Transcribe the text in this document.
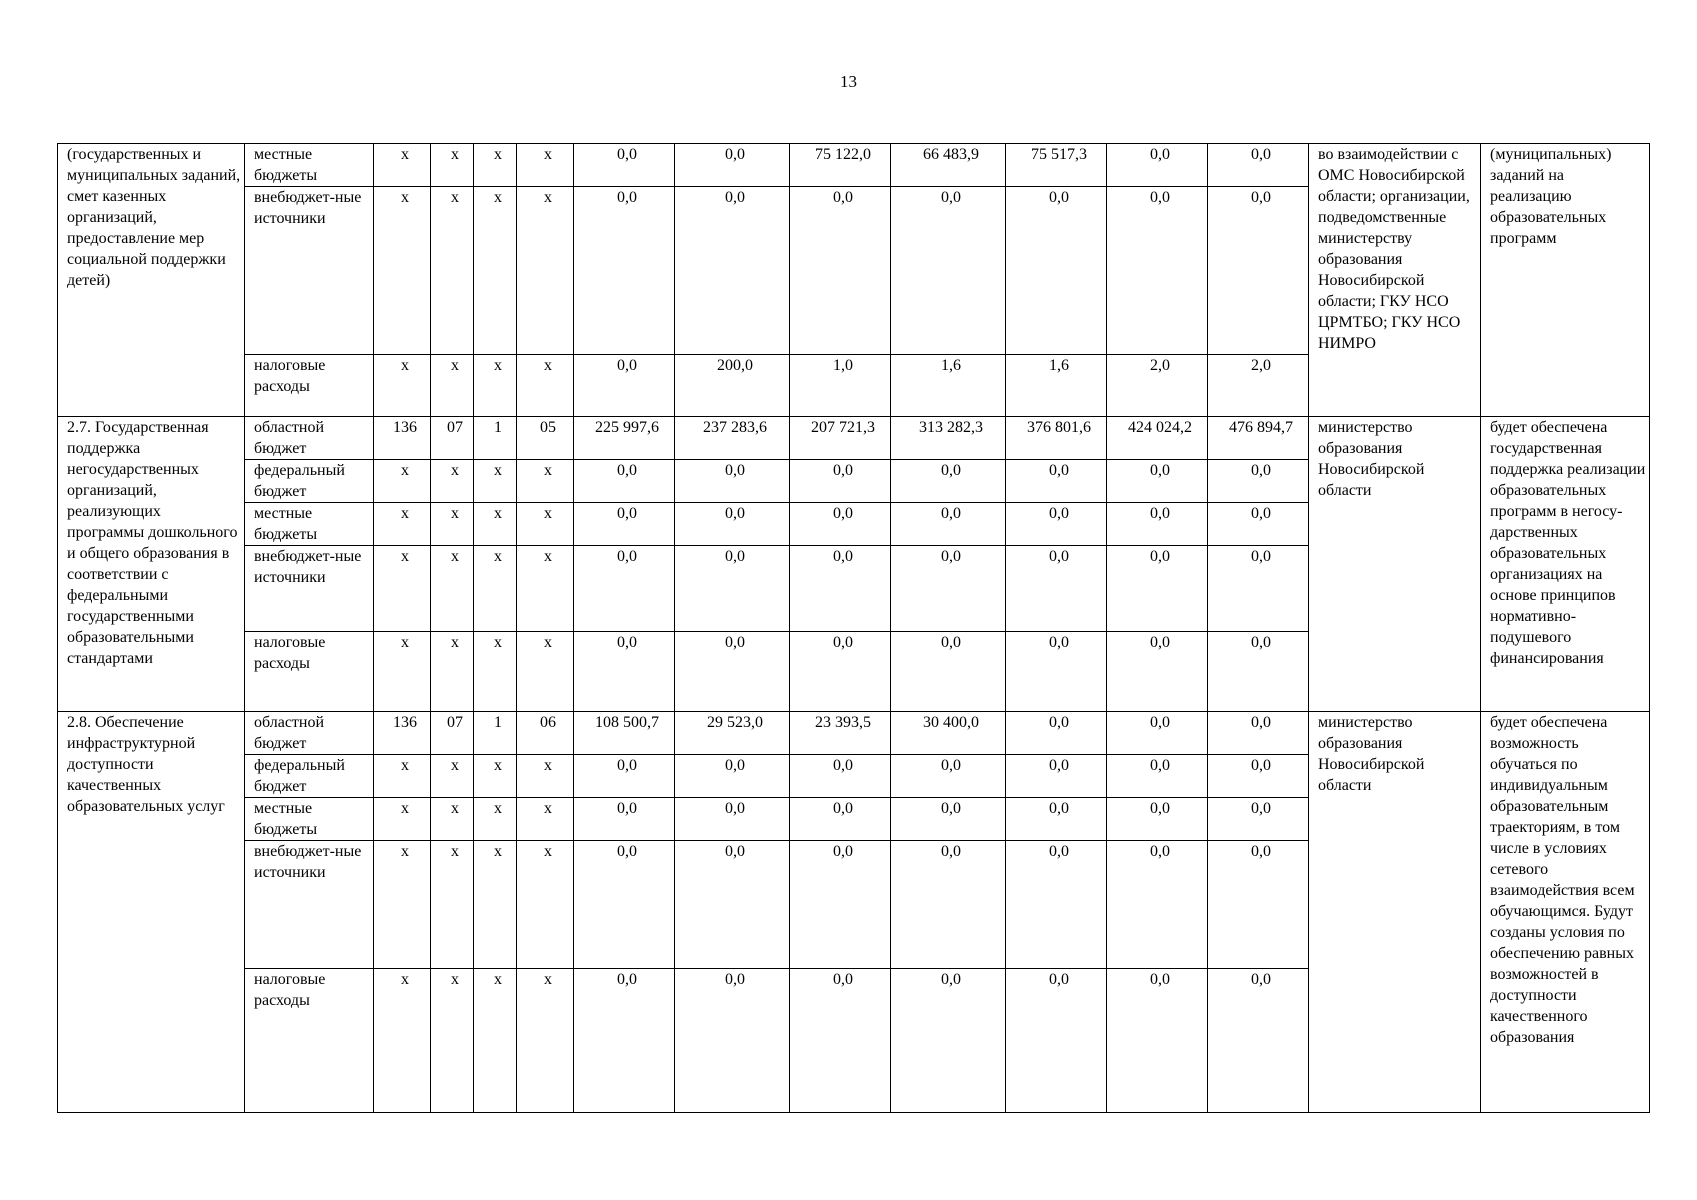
13
(государственных и муниципальных заданий, смет казенных организаций, предоставление мер социальной поддержки детей)	местные бюджеты	x	x	x	x	0,0	0,0	75 122,0	66 483,9	75 517,3	0,0	0,0	во взаимодействии с ОМС Новосибирской области; организации, подведомственные министерству образования Новосибирской области; ГКУ НСО ЦРМТБО; ГКУ НСО НИМРО	(муниципальных) заданий на реализацию образовательных программ
	внебюджет-ные источники	x	x	x	x	0,0	0,0	0,0	0,0	0,0	0,0	0,0		
	налоговые расходы	x	x	x	x	0,0	200,0	1,0	1,6	1,6	2,0	2,0		
2.7. Государственная поддержка негосударственных организаций, реализующих программы дошкольного и общего образования в соответствии с федеральными государственными образовательными стандартами	областной бюджет	136	07	1	05	225 997,6	237 283,6	207 721,3	313 282,3	376 801,6	424 024,2	476 894,7	министерство образования Новосибирской области	будет обеспечена государственная поддержка реализации образовательных программ в негосу-дарственных образовательных организациях на основе принципов нормативно-подушевого финансирования
	федеральный бюджет	x	x	x	x	0,0	0,0	0,0	0,0	0,0	0,0	0,0		
	местные бюджеты	x	x	x	x	0,0	0,0	0,0	0,0	0,0	0,0	0,0		
	внебюджет-ные источники	x	x	x	x	0,0	0,0	0,0	0,0	0,0	0,0	0,0		
	налоговые расходы	x	x	x	x	0,0	0,0	0,0	0,0	0,0	0,0	0,0		
2.8. Обеспечение инфраструктурной доступности качественных образовательных услуг	областной бюджет	136	07	1	06	108 500,7	29 523,0	23 393,5	30 400,0	0,0	0,0	0,0	министерство образования Новосибирской области	будет обеспечена возможность обучаться по индивидуальным образовательным траекториям, в том числе в условиях сетевого взаимодействия всем обучающимся. Будут созданы условия по обеспечению равных возможностей в доступности качественного образования
	федеральный бюджет	x	x	x	x	0,0	0,0	0,0	0,0	0,0	0,0	0,0		
	местные бюджеты	x	x	x	x	0,0	0,0	0,0	0,0	0,0	0,0	0,0		
	внебюджет-ные источники	x	x	x	x	0,0	0,0	0,0	0,0	0,0	0,0	0,0		
	налоговые расходы	x	x	x	x	0,0	0,0	0,0	0,0	0,0	0,0	0,0		
